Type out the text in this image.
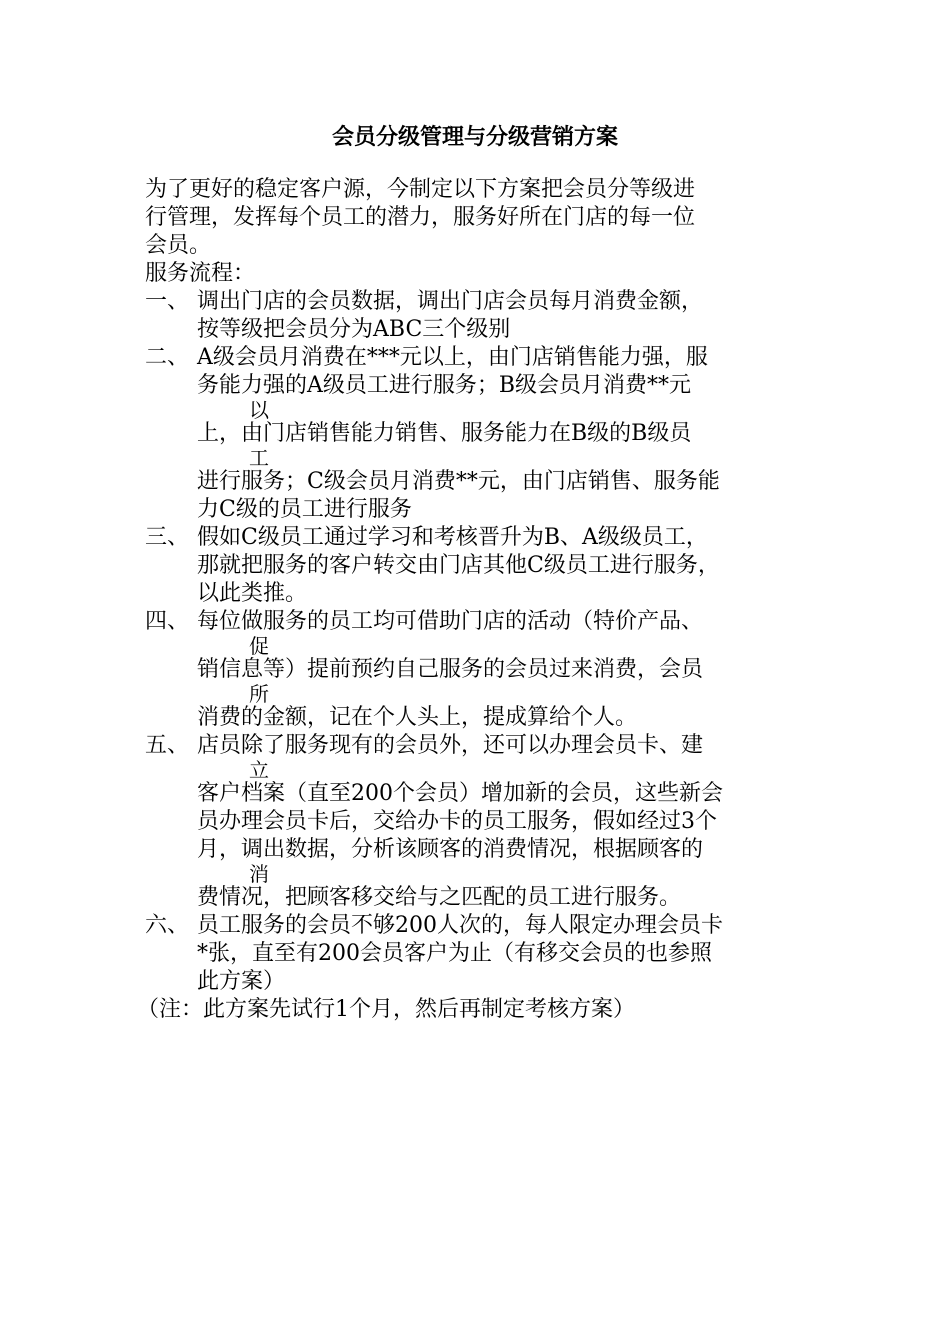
会员分级管理与分级营销方案

为了更好的稳定客户源，今制定以下方案把会员分等级进
行管理，发挥每个员工的潜力，服务好所在门店的每一位
会员。

服务流程：

一、 调出门店的会员数据，调出门店会员每月消费金额，
按等级把会员分为ABC三个级别
二、 A级会员月消费在***元以上，由门店销售能力强，服
务能力强的A级员工进行服务；B级会员月消费**元
以
上，由门店销售能力销售、服务能力在B级的B级员
工
进行服务；C级会员月消费**元，由门店销售、服务能
力C级的员工进行服务
三、 假如C级员工通过学习和考核晋升为B、A级级员工，
那就把服务的客户转交由门店其他C级员工进行服务，
以此类推。
四、 每位做服务的员工均可借助门店的活动（特价产品、
促
销信息等）提前预约自己服务的会员过来消费，会员
所
消费的金额，记在个人头上，提成算给个人。
五、 店员除了服务现有的会员外，还可以办理会员卡、建
立
客户档案（直至200个会员）增加新的会员，这些新会
员办理会员卡后，交给办卡的员工服务，假如经过3个
月，调出数据，分析该顾客的消费情况，根据顾客的
消
费情况，把顾客移交给与之匹配的员工进行服务。
六、 员工服务的会员不够200人次的，每人限定办理会员卡
*张，直至有200会员客户为止（有移交会员的也参照
此方案）

（注：此方案先试行1个月，然后再制定考核方案）
